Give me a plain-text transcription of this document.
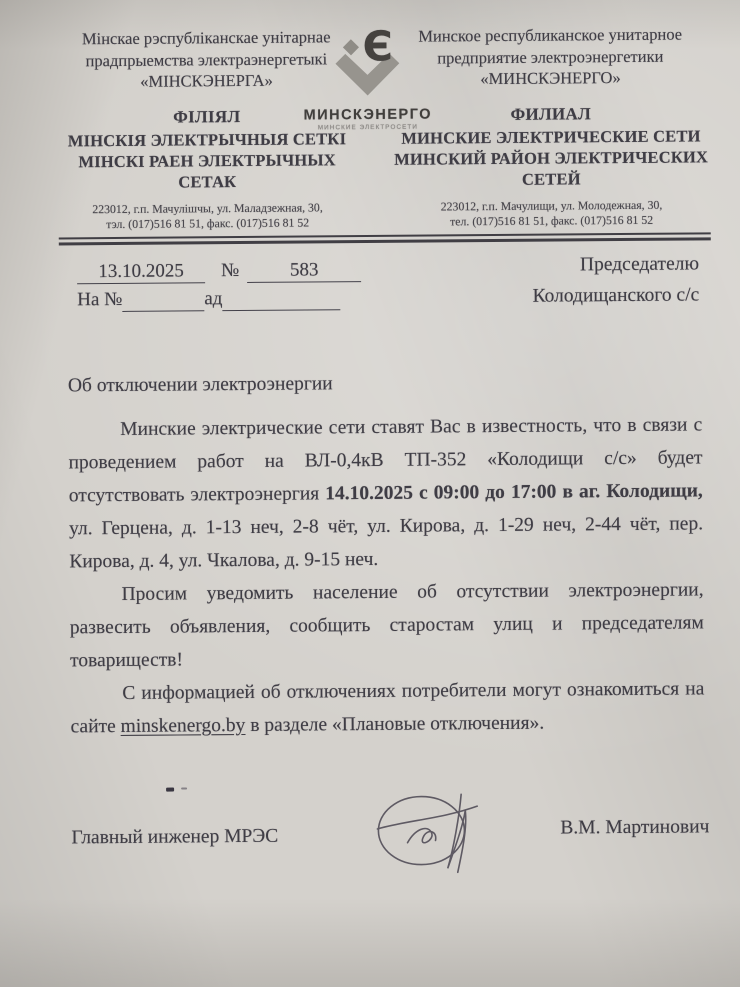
Мінскае рэспубліканскае унітарнае
прадпрыемства электраэнергетыкі
«МІНСКЭНЕРГА»
ФІЛІЯЛ
МІНСКІЯ ЭЛЕКТРЫЧНЫЯ СЕТКІ
МІНСКІ РАЕН ЭЛЕКТРЫЧНЫХ
СЕТАК
223012, г.п. Мачулішчы, ул. Маладзежная, 30,
тэл. (017)516 81 51, факс. (017)516 81 52
Минское республиканское унитарное
предприятие электроэнергетики
«МИНСКЭНЕРГО»
ФИЛИАЛ
МИНСКИЕ ЭЛЕКТРИЧЕСКИЕ СЕТИ
МИНСКИЙ РАЙОН ЭЛЕКТРИЧЕСКИХ
СЕТЕЙ
223012, г.п. Мачулищи, ул. Молодежная, 30,
тел. (017)516 81 51, факс. (017)516 81 52
Є
МИНСКЭНЕРГО
МИНСКИЕ ЭЛЕКТРОСЕТИ
13.10.2025 №	583
На №	ад
Председателю
Колодищанского с/с
Об отключении электроэнергии

Минские электрические сети ставят Вас в известность, что в связи с проведением работ на ВЛ-0,4кВ ТП-352 «Колодищи с/с» будет отсутствовать электроэнергия 14.10.2025 с 09:00 до 17:00 в аг. Колодищи, ул. Герцена, д. 1-13 неч, 2-8 чёт, ул. Кирова, д. 1-29 неч, 2-44 чёт, пер. Кирова, д. 4, ул. Чкалова, д. 9-15 неч.

Просим уведомить население об отсутствии электроэнергии, развесить объявления, сообщить старостам улиц и председателям товариществ!

С информацией об отключениях потребители могут ознакомиться на сайте minskenergo.by в разделе «Плановые отключения».

Главный инженер МРЭС	В.М. Мартинович
